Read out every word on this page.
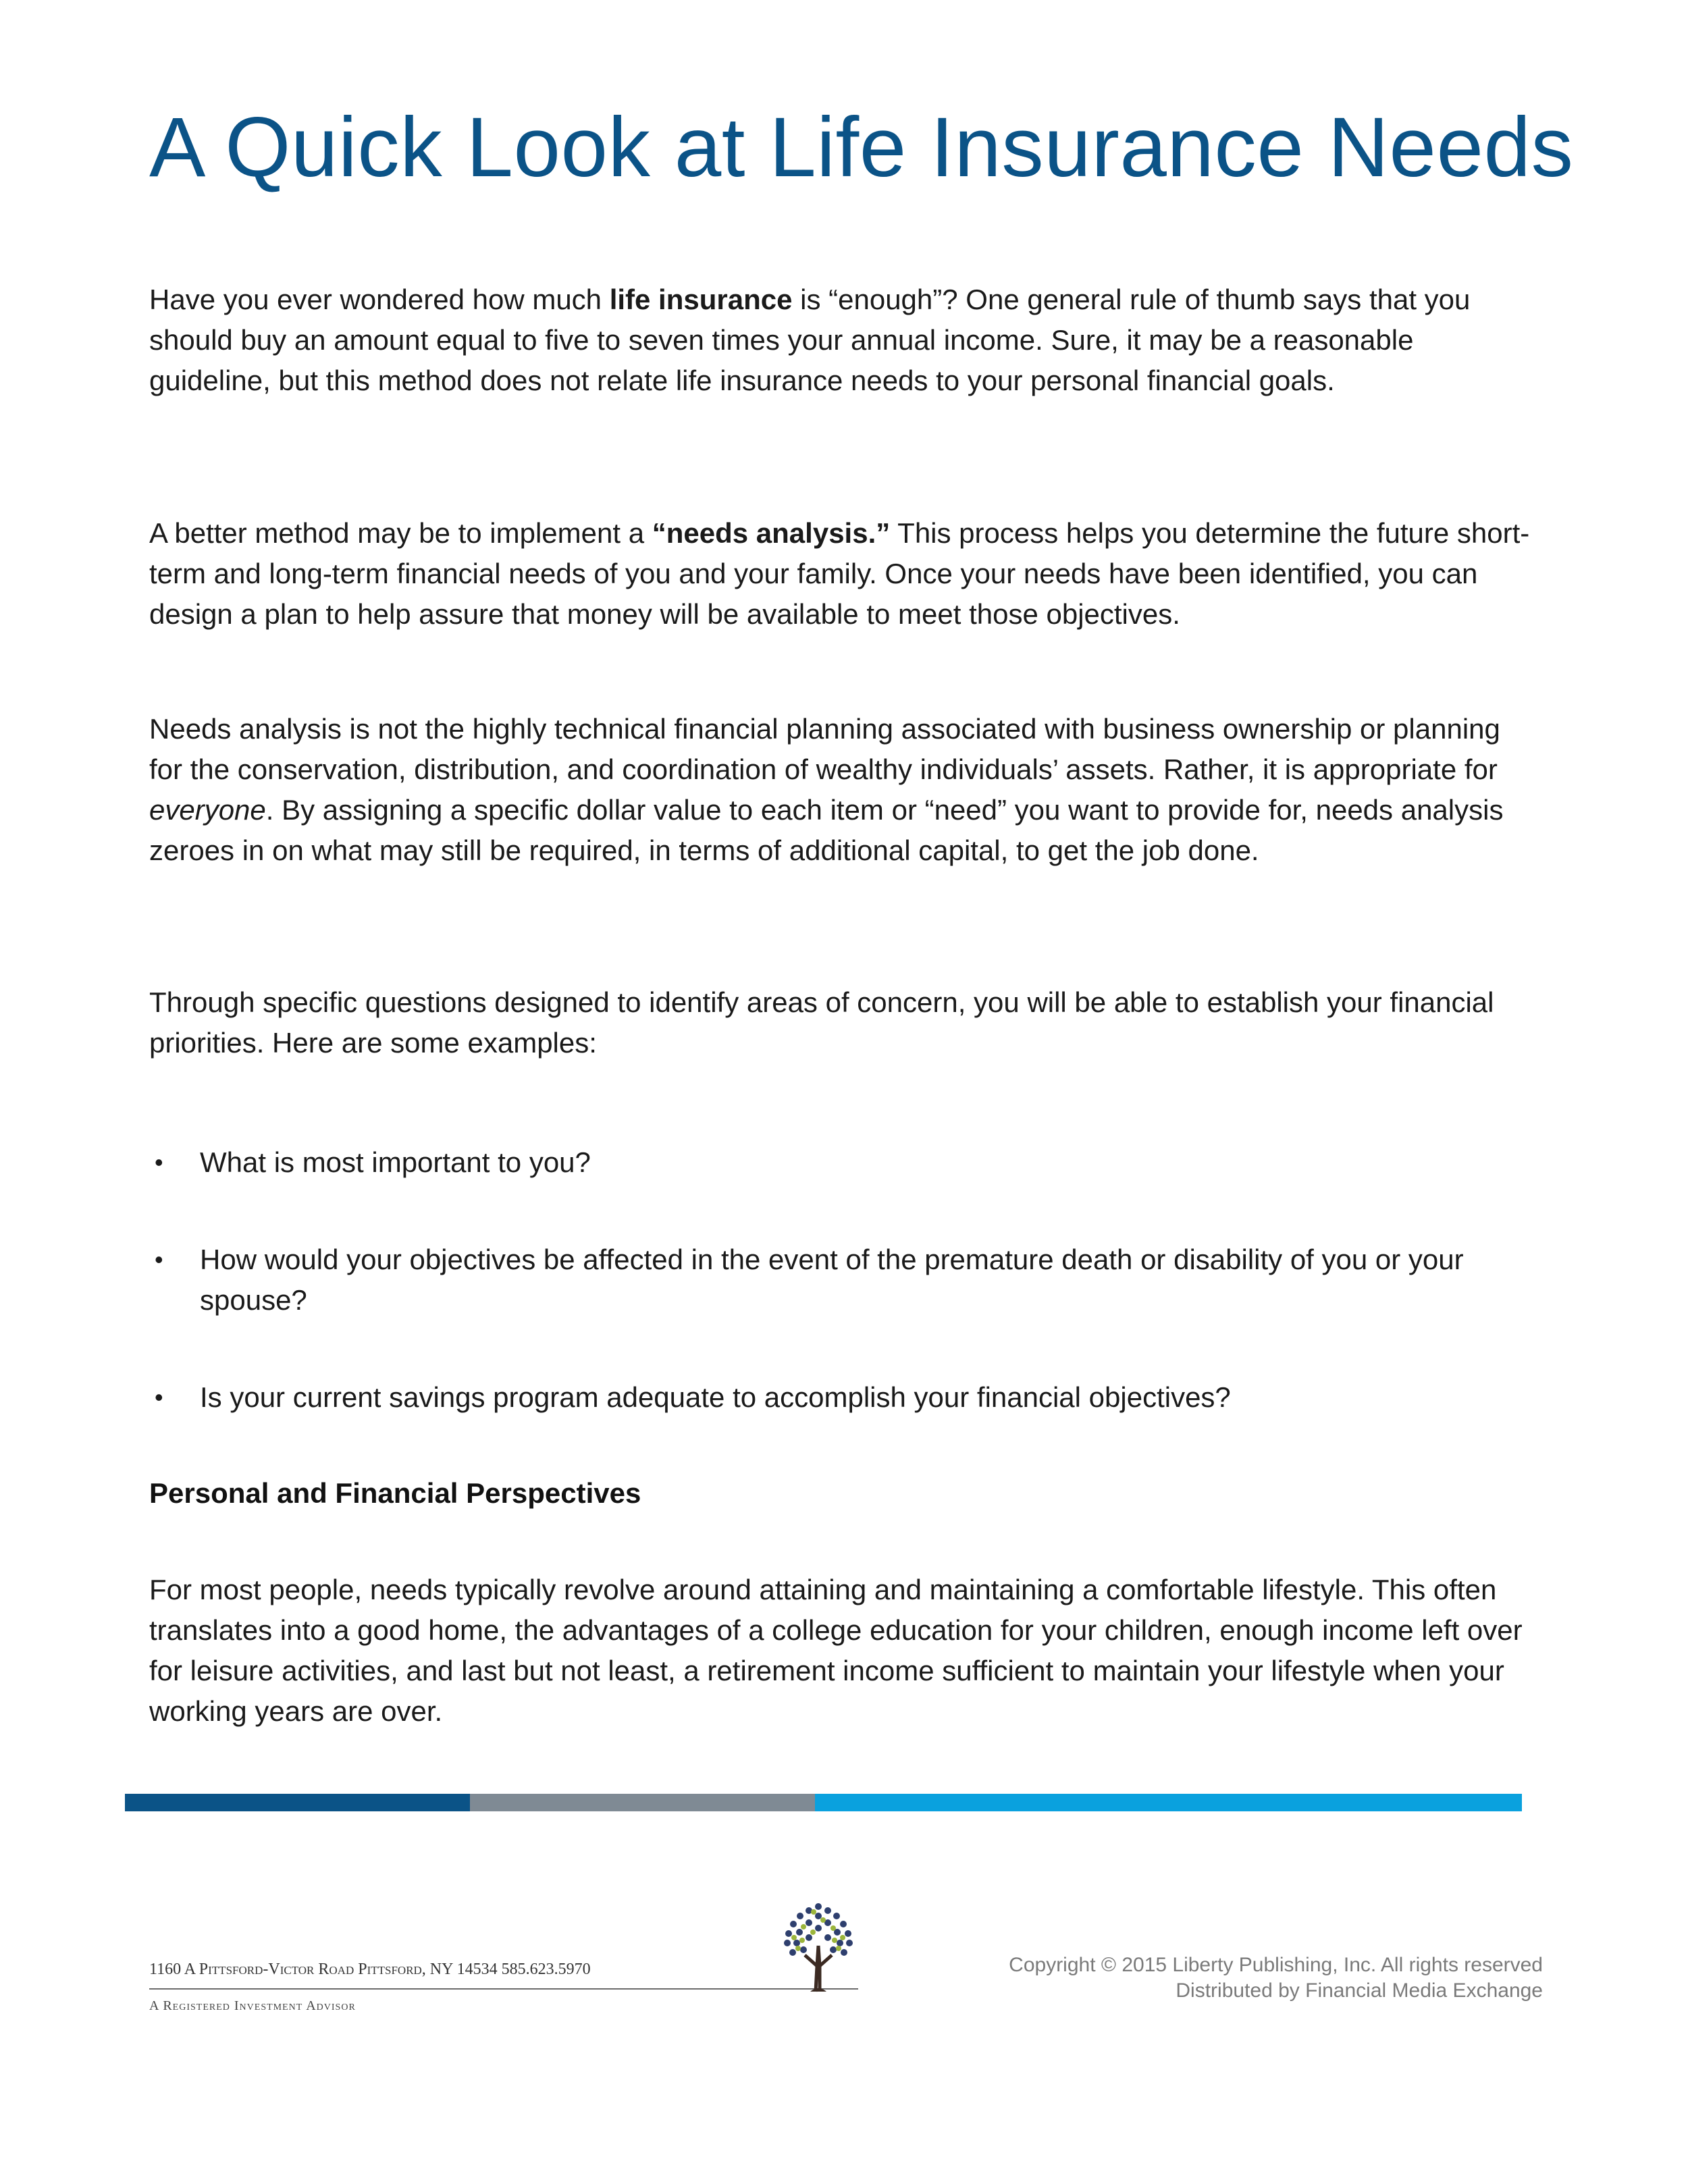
A Quick Look at Life Insurance Needs

Have you ever wondered how much life insurance is “enough”? One general rule of thumb says that you should buy an amount equal to five to seven times your annual income. Sure, it may be a reasonable guideline, but this method does not relate life insurance needs to your personal financial goals.

A better method may be to implement a “needs analysis.” This process helps you determine the future short-term and long-term financial needs of you and your family. Once your needs have been identified, you can design a plan to help assure that money will be available to meet those objectives.

Needs analysis is not the highly technical financial planning associated with business ownership or planning for the conservation, distribution, and coordination of wealthy individuals’ assets. Rather, it is appropriate for everyone. By assigning a specific dollar value to each item or “need” you want to provide for, needs analysis zeroes in on what may still be required, in terms of additional capital, to get the job done.

Through specific questions designed to identify areas of concern, you will be able to establish your financial priorities. Here are some examples:

• What is most important to you?
• How would your objectives be affected in the event of the premature death or disability of you or your spouse?
• Is your current savings program adequate to accomplish your financial objectives?
Personal and Financial Perspectives

For most people, needs typically revolve around attaining and maintaining a comfortable lifestyle. This often translates into a good home, the advantages of a college education for your children, enough income left over for leisure activities, and last but not least, a retirement income sufficient to maintain your lifestyle when your working years are over.

1160 A Pittsford-Victor Road Pittsford, NY 14534 585.623.5970

A Registered Investment Advisor

Copyright © 2015 Liberty Publishing, Inc. All rights reserved
Distributed by Financial Media Exchange
